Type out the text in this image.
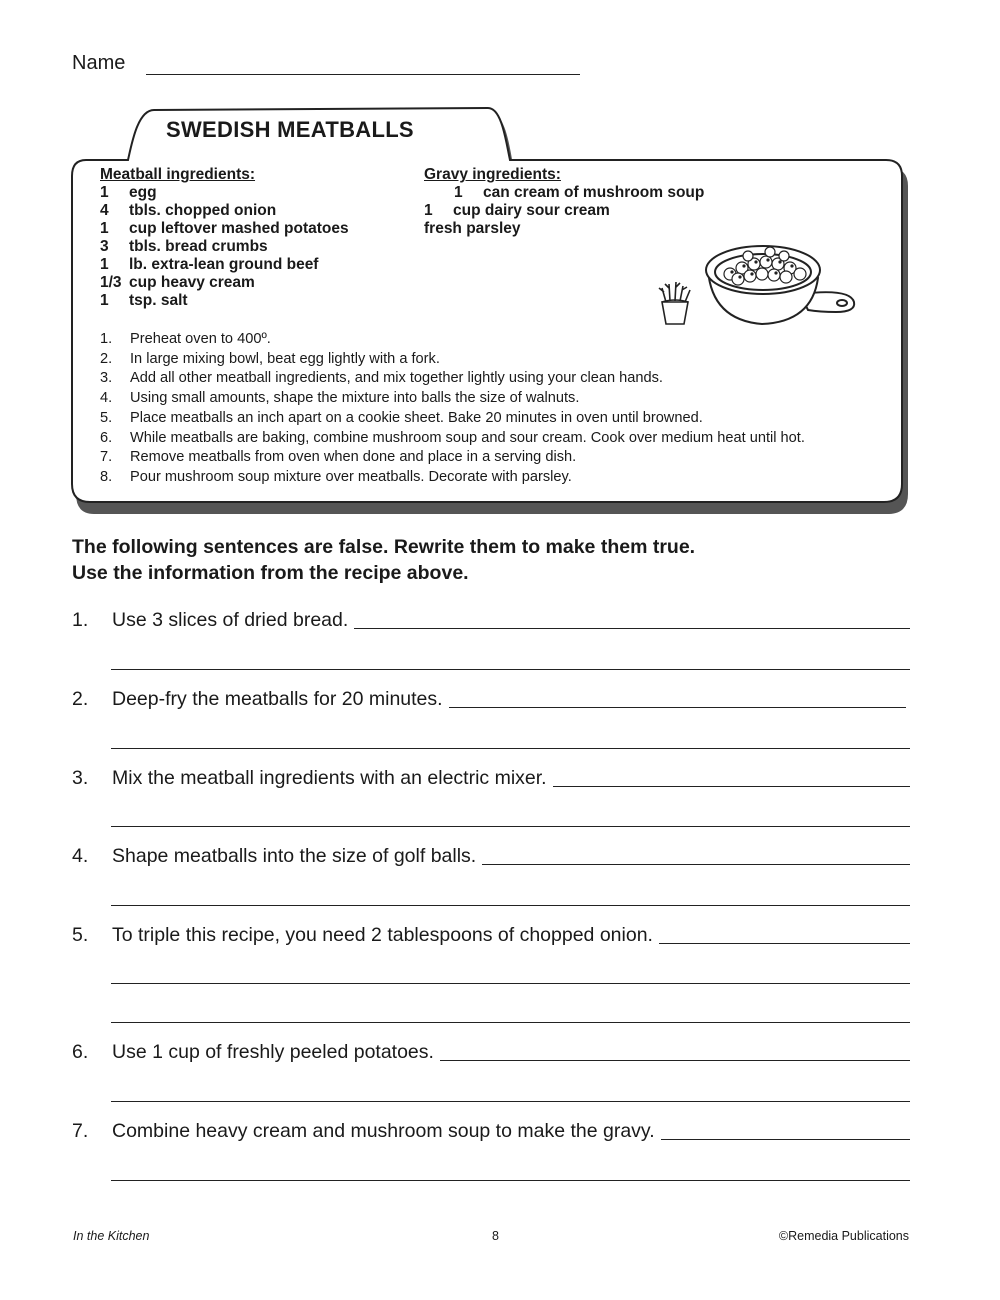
Name
SWEDISH MEATBALLS
Meatball ingredients:
1 egg
4 tbls. chopped onion
1 cup leftover mashed potatoes
3 tbls. bread crumbs
1 lb. extra-lean ground beef
1/3 cup heavy cream
1 tsp. salt
Gravy ingredients:
1 can cream of mushroom soup
1 cup dairy sour cream
fresh parsley
1. Preheat oven to 400º.
2. In large mixing bowl, beat egg lightly with a fork.
3. Add all other meatball ingredients, and mix together lightly using your clean hands.
4. Using small amounts, shape the mixture into balls the size of walnuts.
5. Place meatballs an inch apart on a cookie sheet. Bake 20 minutes in oven until browned.
6. While meatballs are baking, combine mushroom soup and sour cream. Cook over medium heat until hot.
7. Remove meatballs from oven when done and place in a serving dish.
8. Pour mushroom soup mixture over meatballs. Decorate with parsley.
The following sentences are false. Rewrite them to make them true.
Use the information from the recipe above.
1.	Use 3 slices of dried bread.
2.	Deep-fry the meatballs for 20 minutes.
3.	Mix the meatball ingredients with an electric mixer.
4.	Shape meatballs into the size of golf balls.
5.	To triple this recipe, you need 2 tablespoons of chopped onion.
6.	Use 1 cup of freshly peeled potatoes.
7.	Combine heavy cream and mushroom soup to make the gravy.
In the Kitchen	8	©Remedia Publications
